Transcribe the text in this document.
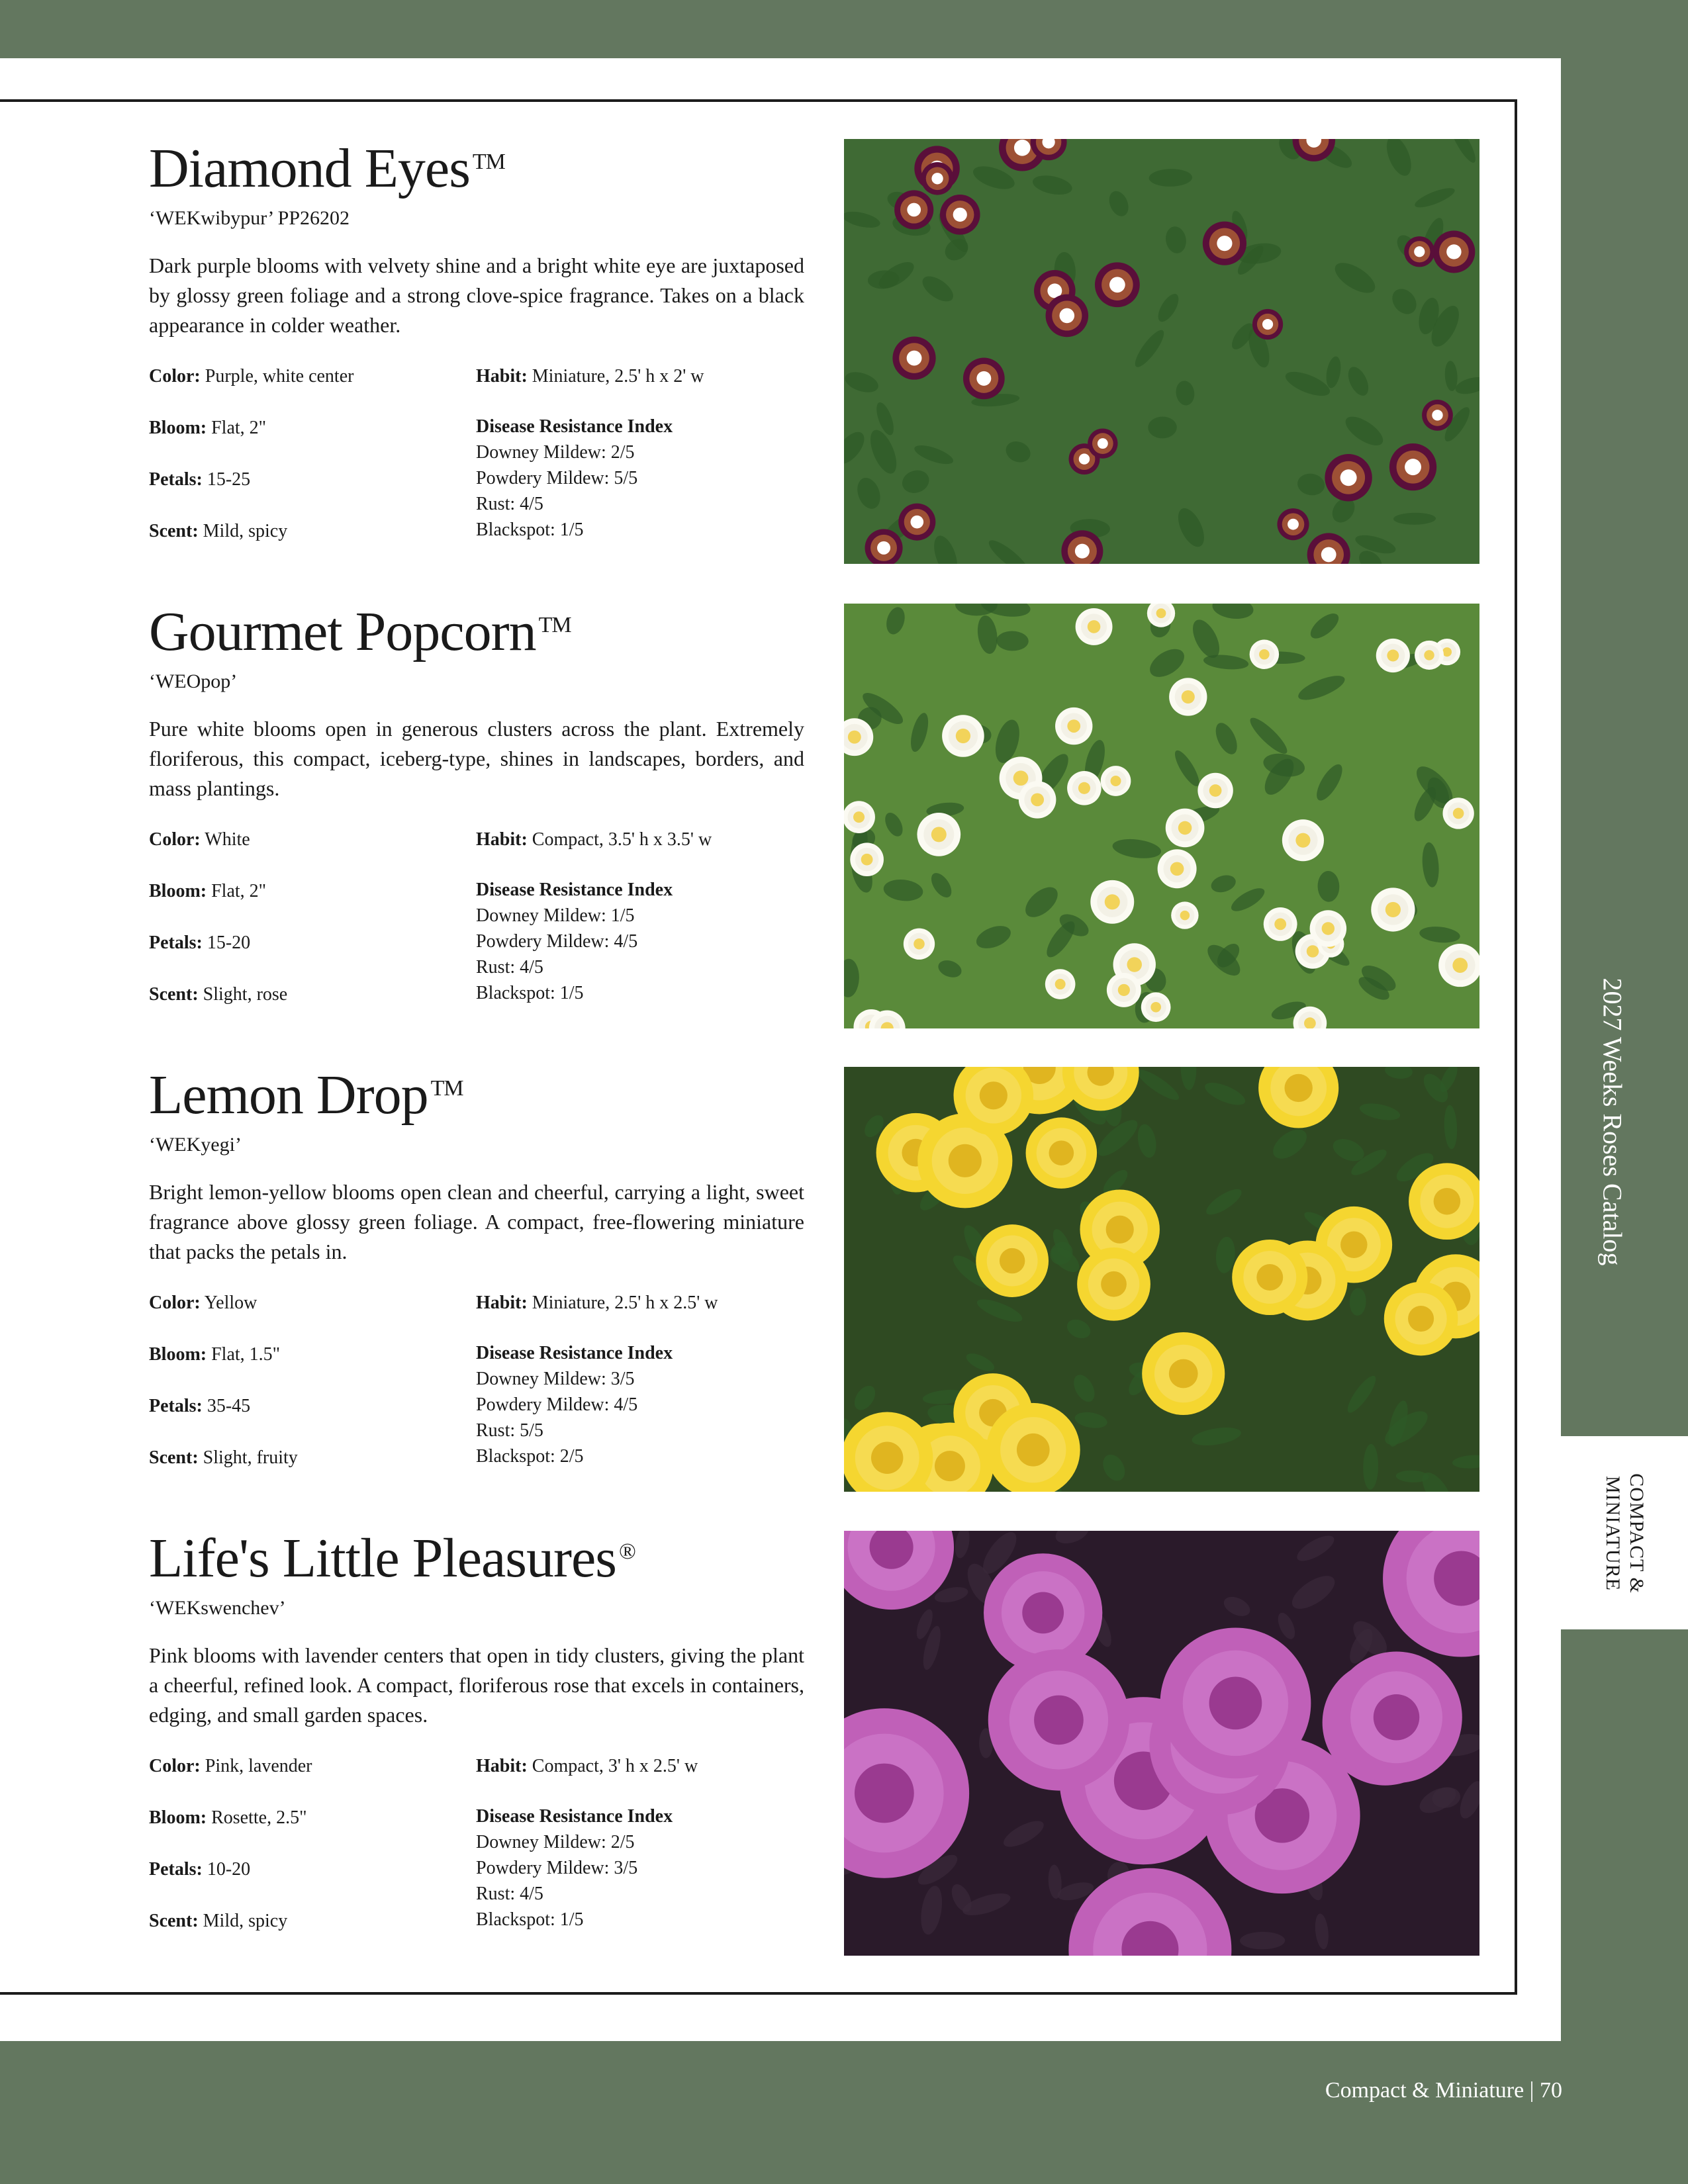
2027 Weeks Roses Catalog
COMPACT & MINIATURE
Compact & Miniature | 70
Diamond Eyes ™
‘WEKwibypur’ PP26202

Dark purple blooms with velvety shine and a bright white eye are juxtaposed by glossy green foliage and a strong clove-spice fragrance. Takes on a black appearance in colder weather.

Color: Purple, white center	Habit: Miniature, 2.5' h x 2' w
Bloom: Flat, 2"
Petals: 15-25
Scent: Mild, spicy
Disease Resistance Index
Downey Mildew: 2/5
Powdery Mildew: 5/5
Rust: 4/5
Blackspot: 1/5
Gourmet Popcorn ™
‘WEOpop’

Pure white blooms open in generous clusters across the plant. Extremely floriferous, this compact, iceberg-type, shines in landscapes, borders, and mass plantings.

Color: White	Habit: Compact, 3.5' h x 3.5' w
Bloom: Flat, 2"
Petals: 15-20
Scent: Slight, rose
Disease Resistance Index
Downey Mildew: 1/5
Powdery Mildew: 4/5
Rust: 4/5
Blackspot: 1/5
Lemon Drop ™
‘WEKyegi’

Bright lemon-yellow blooms open clean and cheerful, carrying a light, sweet fragrance above glossy green foliage. A compact, free-flowering miniature that packs the petals in.

Color: Yellow	Habit: Miniature, 2.5' h x 2.5' w
Bloom: Flat, 1.5"
Petals: 35-45
Scent: Slight, fruity
Disease Resistance Index
Downey Mildew: 3/5
Powdery Mildew: 4/5
Rust: 5/5
Blackspot: 2/5
Life's Little Pleasures ®
‘WEKswenchev’

Pink blooms with lavender centers that open in tidy clusters, giving the plant a cheerful, refined look. A compact, floriferous rose that excels in containers, edging, and small garden spaces.

Color: Pink, lavender	Habit: Compact, 3' h x 2.5' w
Bloom: Rosette, 2.5"
Petals: 10-20
Scent: Mild, spicy
Disease Resistance Index
Downey Mildew: 2/5
Powdery Mildew: 3/5
Rust: 4/5
Blackspot: 1/5
